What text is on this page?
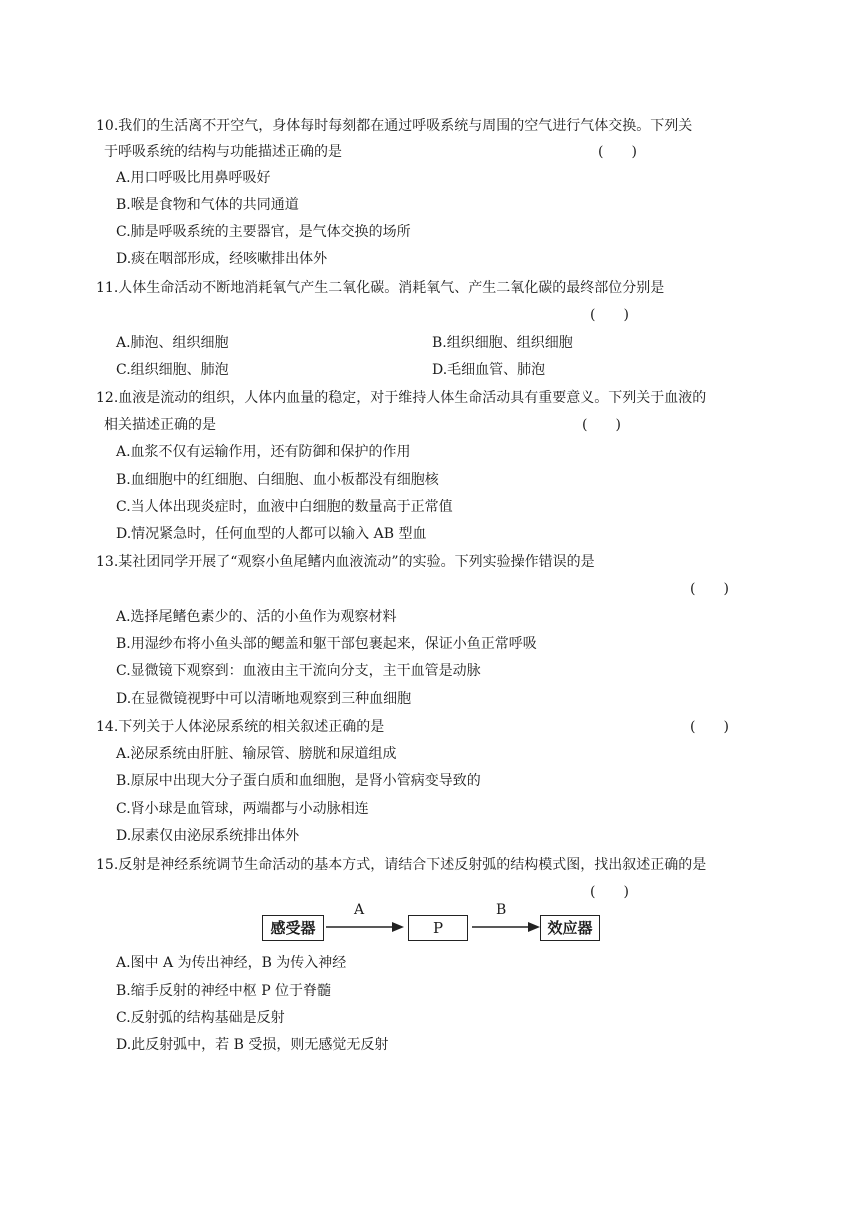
10.我们的生活离不开空气，身体每时每刻都在通过呼吸系统与周围的空气进行气体交换。下列关
于呼吸系统的结构与功能描述正确的是	(　　)
A.用口呼吸比用鼻呼吸好
B.喉是食物和气体的共同通道
C.肺是呼吸系统的主要器官，是气体交换的场所
D.痰在咽部形成，经咳嗽排出体外
11.人体生命活动不断地消耗氧气产生二氧化碳。消耗氧气、产生二氧化碳的最终部位分别是
(　　)
A.肺泡、组织细胞	B.组织细胞、组织细胞
C.组织细胞、肺泡	D.毛细血管、肺泡
12.血液是流动的组织，人体内血量的稳定，对于维持人体生命活动具有重要意义。下列关于血液的
相关描述正确的是	(　　)
A.血浆不仅有运输作用，还有防御和保护的作用
B.血细胞中的红细胞、白细胞、血小板都没有细胞核
C.当人体出现炎症时，血液中白细胞的数量高于正常值
D.情况紧急时，任何血型的人都可以输入 AB 型血
13.某社团同学开展了“观察小鱼尾鳍内血液流动”的实验。下列实验操作错误的是
(　　)
A.选择尾鳍色素少的、活的小鱼作为观察材料
B.用湿纱布将小鱼头部的鳃盖和躯干部包裹起来，保证小鱼正常呼吸
C.显微镜下观察到：血液由主干流向分支，主干血管是动脉
D.在显微镜视野中可以清晰地观察到三种血细胞
14.下列关于人体泌尿系统的相关叙述正确的是	(　　)
A.泌尿系统由肝脏、输尿管、膀胱和尿道组成
B.原尿中出现大分子蛋白质和血细胞，是肾小管病变导致的
C.肾小球是血管球，两端都与小动脉相连
D.尿素仅由泌尿系统排出体外
15.反射是神经系统调节生命活动的基本方式，请结合下述反射弧的结构模式图，找出叙述正确的是
(　　)
感受器
A
P
B
效应器
A.图中 A 为传出神经，B 为传入神经
B.缩手反射的神经中枢 P 位于脊髓
C.反射弧的结构基础是反射
D.此反射弧中，若 B 受损，则无感觉无反射
